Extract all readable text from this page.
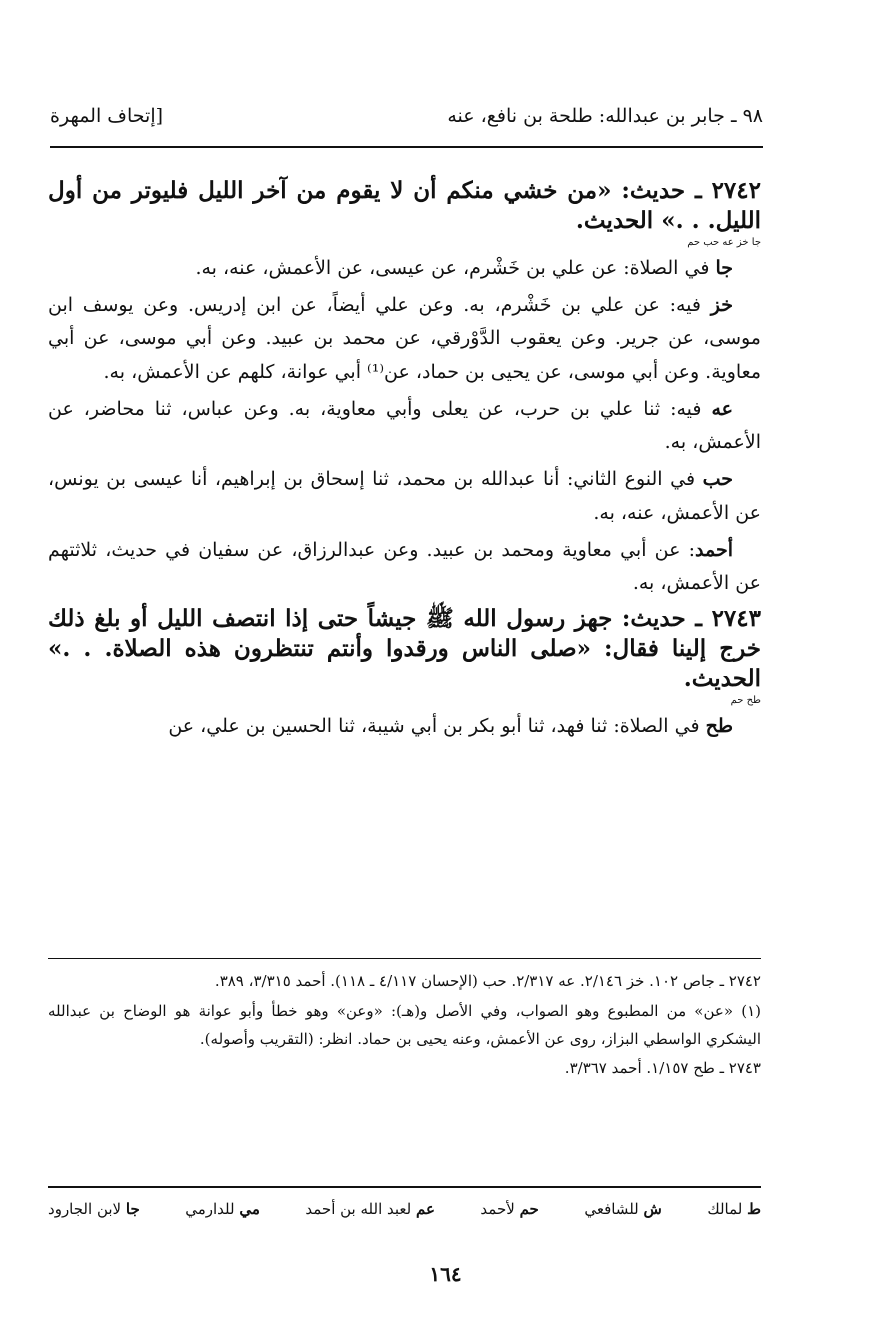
٩٨ ـ جابر بن عبدالله: طلحة بن نافع، عنه
[إتحاف المهرة

٢٧٤٢ ـ حديث: «من خشي منكم أن لا يقوم من آخر الليل فليوتر من أول الليل. . .» الحديث.
جا خز عه حب حم

جا في الصلاة: عن علي بن خَشْرم، عن عيسى، عن الأعمش، عنه، به.

خز فيه: عن علي بن خَشْرم، به. وعن علي أيضاً، عن ابن إدريس. وعن يوسف ابن موسى، عن جرير. وعن يعقوب الدَّوْرقي، عن محمد بن عبيد. وعن أبي موسى، عن أبي معاوية. وعن أبي موسى، عن يحيى بن حماد، عن⁽¹⁾ أبي عوانة، كلهم عن الأعمش، به.

عه فيه: ثنا علي بن حرب، عن يعلى وأبي معاوية، به. وعن عباس، ثنا محاضر، عن الأعمش، به.

حب في النوع الثاني: أنا عبدالله بن محمد، ثنا إسحاق بن إبراهيم، أنا عيسى بن يونس، عن الأعمش، عنه، به.

أحمد: عن أبي معاوية ومحمد بن عبيد. وعن عبدالرزاق، عن سفيان في حديث، ثلاثتهم عن الأعمش، به.

٢٧٤٣ ـ حديث: جهز رسول الله ﷺ جيشاً حتى إذا انتصف الليل أو بلغ ذلك خرج إلينا فقال: «صلى الناس ورقدوا وأنتم تنتظرون هذه الصلاة. . .» الحديث.
طح حم

طح في الصلاة: ثنا فهد، ثنا أبو بكر بن أبي شيبة، ثنا الحسين بن علي، عن

٢٧٤٢ ـ جاص ١٠٢. خز ٢/١٤٦. عه ٢/٣١٧. حب (الإحسان ٤/١١٧ ـ ١١٨). أحمد ٣/٣١٥، ٣٨٩.

(١) «عن» من المطبوع وهو الصواب، وفي الأصل و(هـ): «وعن» وهو خطأ وأبو عوانة هو الوضاح بن عبدالله اليشكري الواسطي البزاز، روى عن الأعمش، وعنه يحيى بن حماد. انظر: (التقريب وأصوله).

٢٧٤٣ ـ طح ١/١٥٧. أحمد ٣/٣٦٧.

ط لمالك
ش للشافعي
حم لأحمد
عم لعبد الله بن أحمد
مي للدارمي
جا لابن الجارود
١٦٤
